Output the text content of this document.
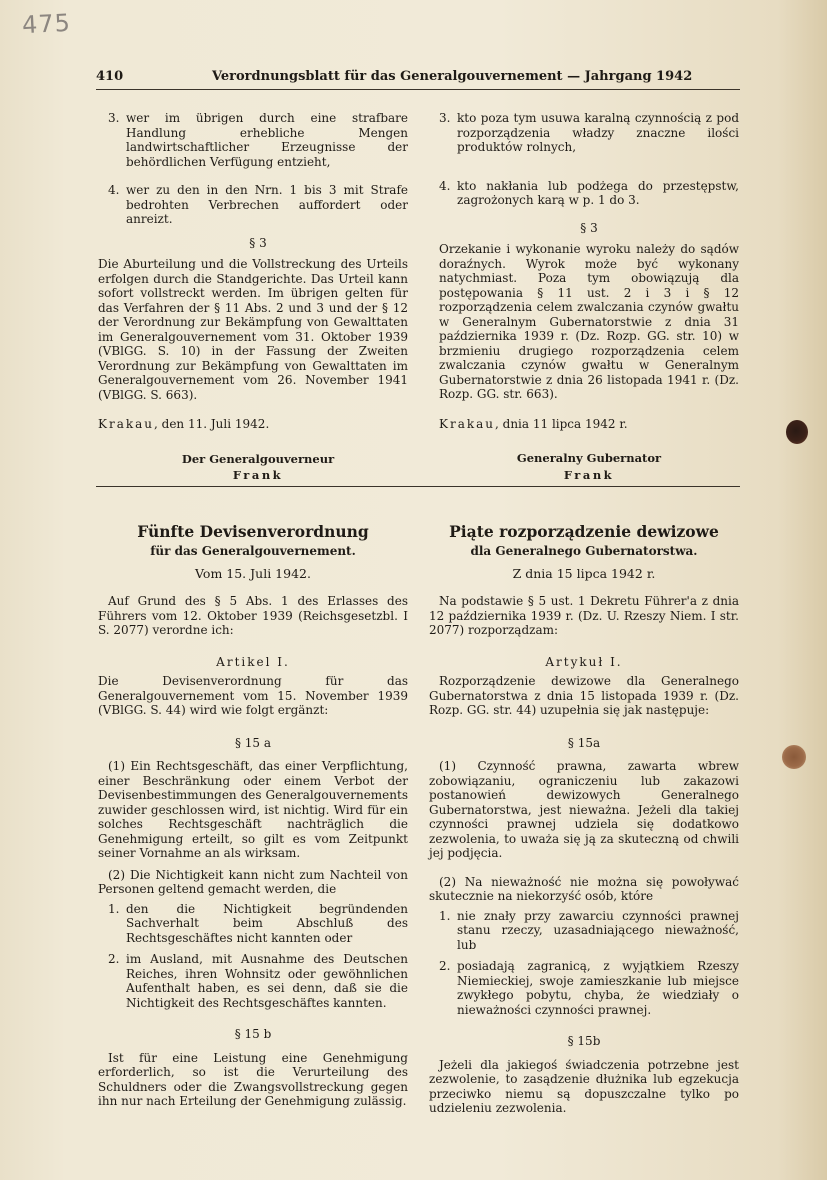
475
410	Verordnungsblatt für das Generalgouvernement — Jahrgang 1942
3. wer im übrigen durch eine strafbare Handlung erhebliche Mengen landwirtschaftlicher Erzeugnisse der behördlichen Verfügung entzieht,
4. wer zu den in den Nrn. 1 bis 3 mit Strafe bedrohten Verbrechen auffordert oder anreizt.

§ 3

Die Aburteilung und die Vollstreckung des Urteils erfolgen durch die Standgerichte. Das Urteil kann sofort vollstreckt werden. Im übrigen gelten für das Verfahren der § 11 Abs. 2 und 3 und der § 12 der Verordnung zur Bekämpfung von Gewalttaten im Generalgouvernement vom 31. Oktober 1939 (VBlGG. S. 10) in der Fassung der Zweiten Verordnung zur Bekämpfung von Gewalttaten im Generalgouvernement vom 26. November 1941 (VBlGG. S. 663).

Krakau, den 11. Juli 1942.

Der Generalgouverneur

Frank

3. kto poza tym usuwa karalną czynnością z pod rozporządzenia władzy znaczne ilości produktów rolnych,
4. kto nakłania lub podżega do przestępstw, zagrożonych karą w p. 1 do 3.

§ 3

Orzekanie i wykonanie wyroku należy do sądów doraźnych. Wyrok może być wykonany natychmiast. Poza tym obowiązują dla postępowania § 11 ust. 2 i 3 i § 12 rozporządzenia celem zwalczania czynów gwałtu w Generalnym Gubernatorstwie z dnia 31 października 1939 r. (Dz. Rozp. GG. str. 10) w brzmieniu drugiego rozporządzenia celem zwalczania czynów gwałtu w Generalnym Gubernatorstwie z dnia 26 listopada 1941 r. (Dz. Rozp. GG. str. 663).

Krakau, dnia 11 lipca 1942 r.

Generalny Gubernator

Frank

Fünfte Devisenverordnung

für das Generalgouvernement.

Vom 15. Juli 1942.

Auf Grund des § 5 Abs. 1 des Erlasses des Führers vom 12. Oktober 1939 (Reichsgesetzbl. I S. 2077) verordne ich:

Artikel I.

Die Devisenverordnung für das Generalgouvernement vom 15. November 1939 (VBlGG. S. 44) wird wie folgt ergänzt:

§ 15 a

(1) Ein Rechtsgeschäft, das einer Verpflichtung, einer Beschränkung oder einem Verbot der Devisenbestimmungen des Generalgouvernements zuwider geschlossen wird, ist nichtig. Wird für ein solches Rechtsgeschäft nachträglich die Genehmigung erteilt, so gilt es vom Zeitpunkt seiner Vornahme an als wirksam.

(2) Die Nichtigkeit kann nicht zum Nachteil von Personen geltend gemacht werden, die

1. den die Nichtigkeit begründenden Sachverhalt beim Abschluß des Rechtsgeschäftes nicht kannten oder
2. im Ausland, mit Ausnahme des Deutschen Reiches, ihren Wohnsitz oder gewöhnlichen Aufenthalt haben, es sei denn, daß sie die Nichtigkeit des Rechtsgeschäftes kannten.

§ 15 b

Ist für eine Leistung eine Genehmigung erforderlich, so ist die Verurteilung des Schuldners oder die Zwangsvollstreckung gegen ihn nur nach Erteilung der Genehmigung zulässig.

Piąte rozporządzenie dewizowe

dla Generalnego Gubernatorstwa.

Z dnia 15 lipca 1942 r.

Na podstawie § 5 ust. 1 Dekretu Führer'a z dnia 12 października 1939 r. (Dz. U. Rzeszy Niem. I str. 2077) rozporządzam:

Artykuł I.

Rozporządzenie dewizowe dla Generalnego Gubernatorstwa z dnia 15 listopada 1939 r. (Dz. Rozp. GG. str. 44) uzupełnia się jak następuje:

§ 15a

(1) Czynność prawna, zawarta wbrew zobowiązaniu, ograniczeniu lub zakazowi postanowień dewizowych Generalnego Gubernatorstwa, jest nieważna. Jeżeli dla takiej czynności prawnej udziela się dodatkowo zezwolenia, to uważa się ją za skuteczną od chwili jej podjęcia.

(2) Na nieważność nie można się powoływać skutecznie na niekorzyść osób, które

1. nie znały przy zawarciu czynności prawnej stanu rzeczy, uzasadniającego nieważność, lub
2. posiadają zagranicą, z wyjątkiem Rzeszy Niemieckiej, swoje zamieszkanie lub miejsce zwykłego pobytu, chyba, że wiedziały o nieważności czynności prawnej.

§ 15b

Jeżeli dla jakiegoś świadczenia potrzebne jest zezwolenie, to zasądzenie dłużnika lub egzekucja przeciwko niemu są dopuszczalne tylko po udzieleniu zezwolenia.
